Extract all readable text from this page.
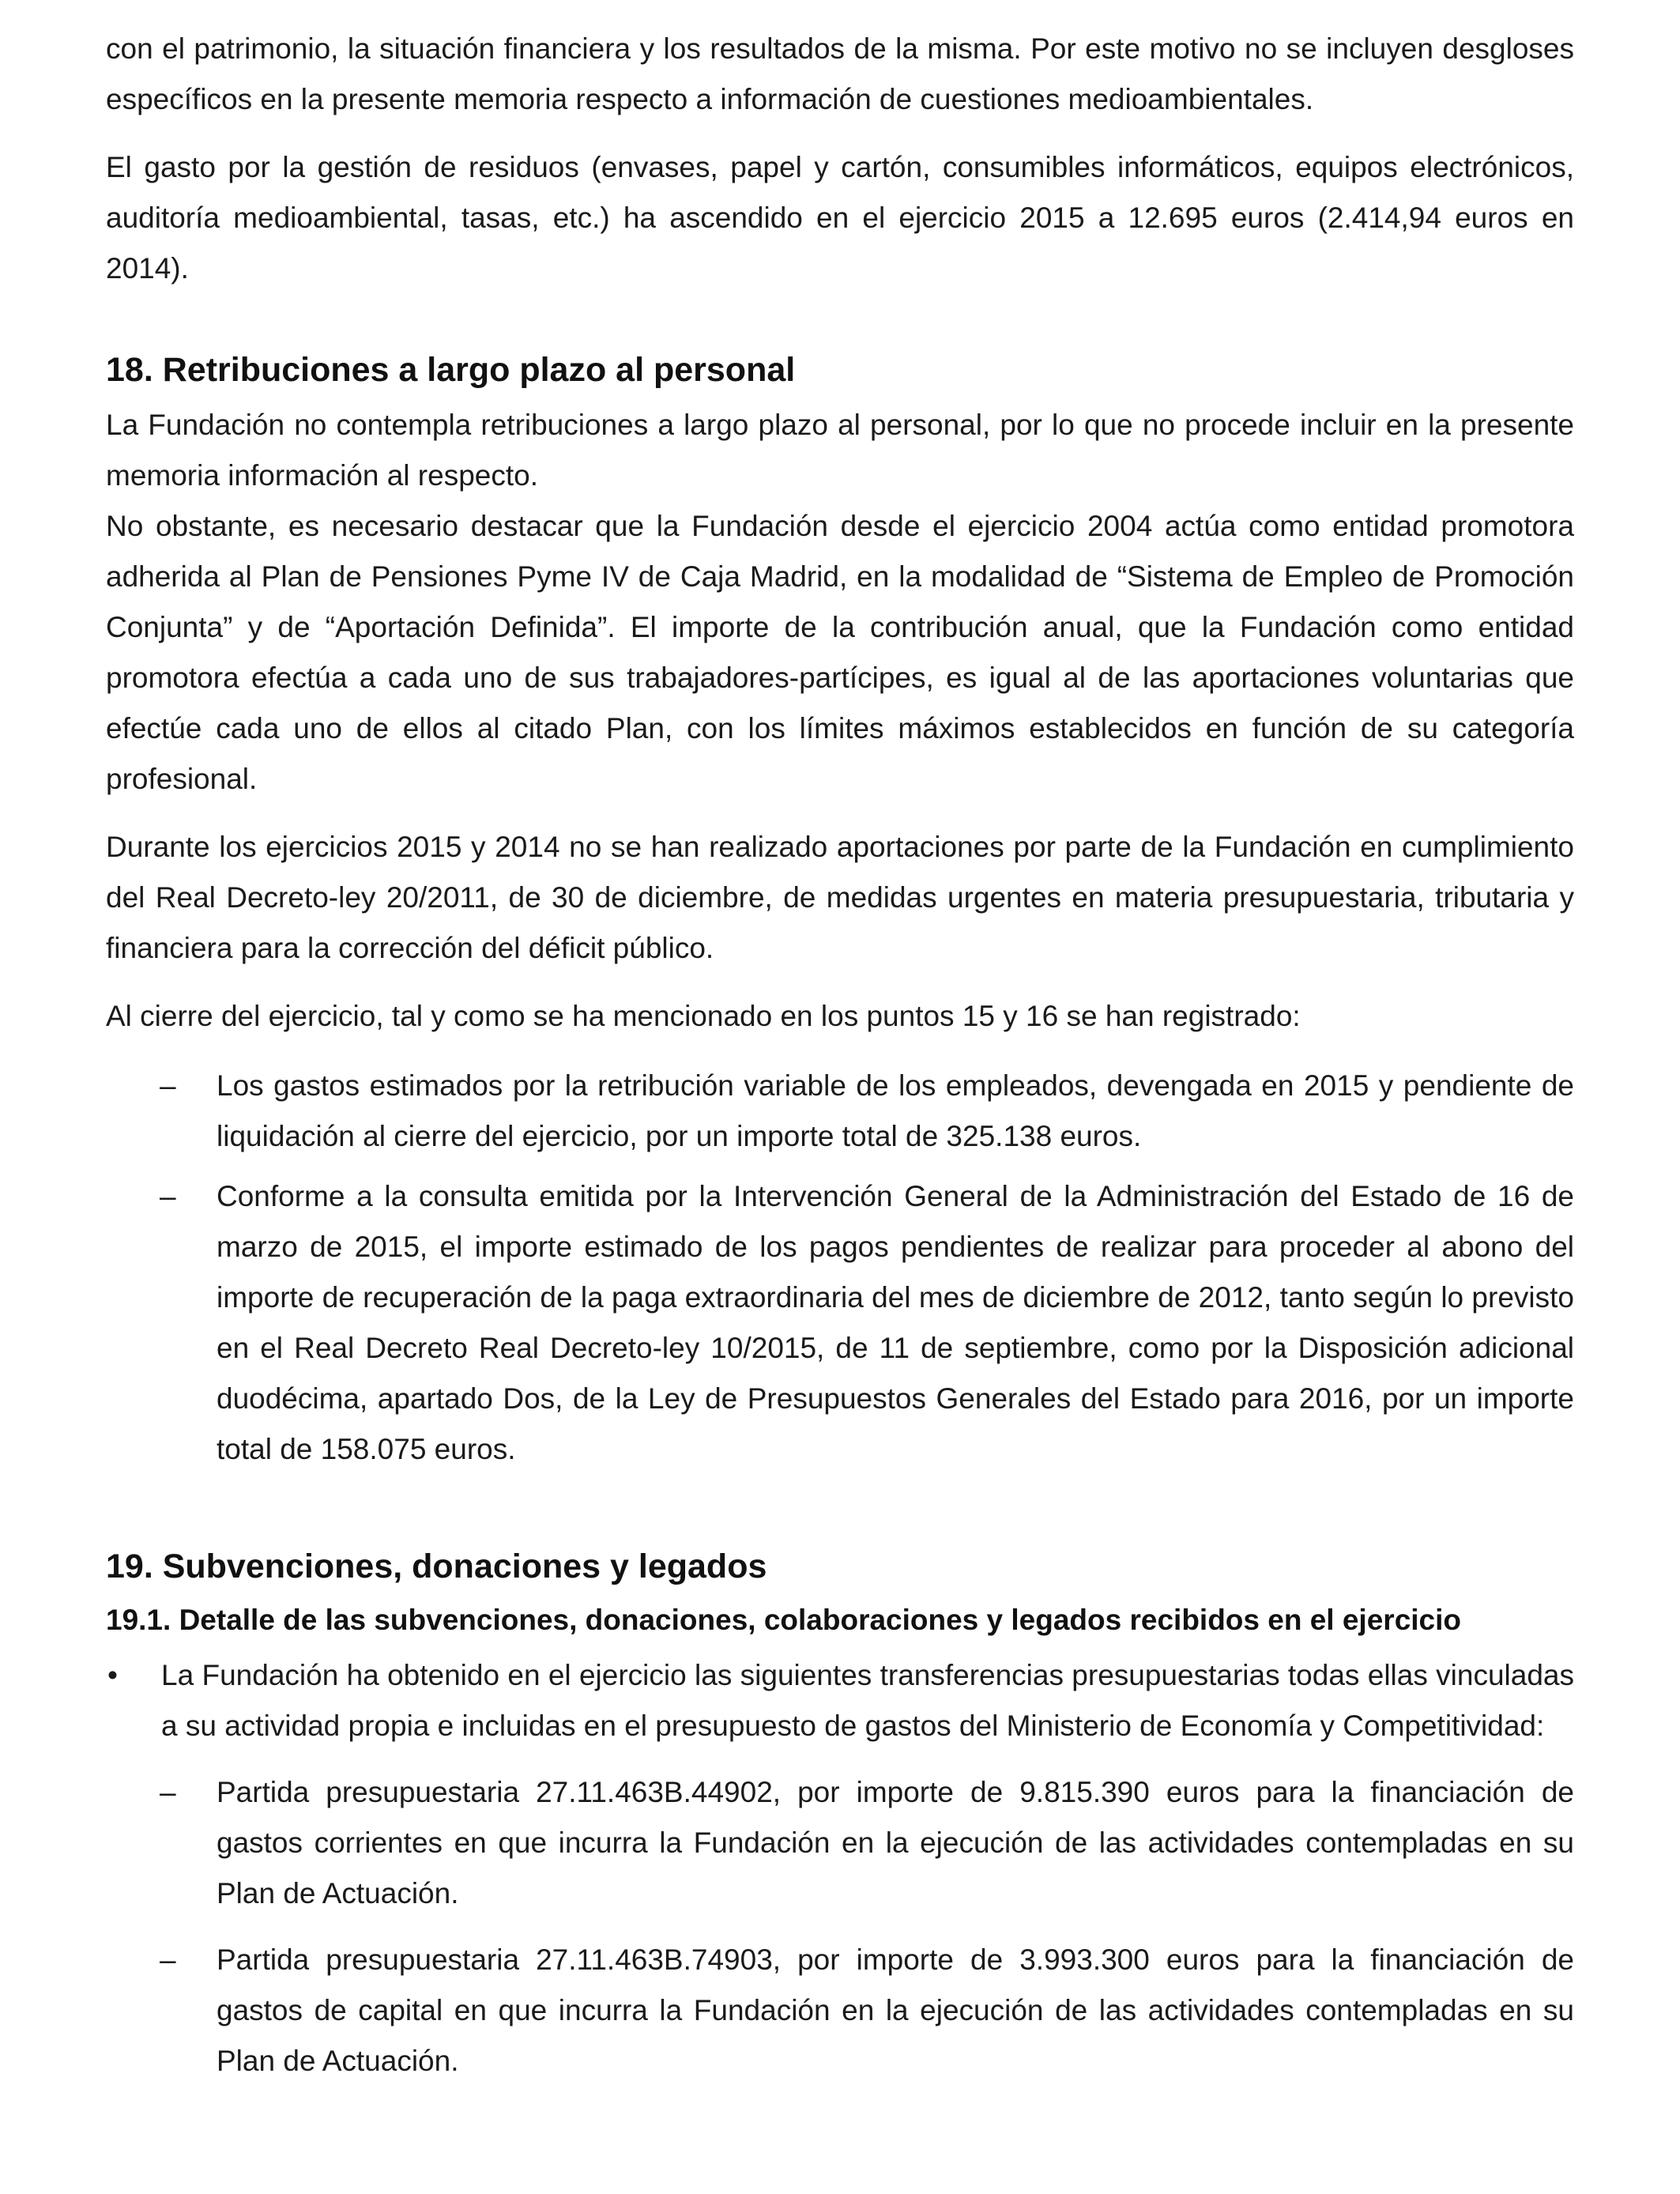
con el patrimonio, la situación financiera y los resultados de la misma. Por este motivo no se incluyen desgloses específicos en la presente memoria respecto a información de cuestiones medioambientales.

El gasto por la gestión de residuos (envases, papel y cartón, consumibles informáticos, equipos electrónicos, auditoría medioambiental, tasas, etc.) ha ascendido en el ejercicio 2015 a 12.695 euros (2.414,94 euros en 2014).

18. Retribuciones a largo plazo al personal

La Fundación no contempla retribuciones a largo plazo al personal, por lo que no procede incluir en la presente memoria información al respecto.

No obstante, es necesario destacar que la Fundación desde el ejercicio 2004 actúa como entidad promotora adherida al Plan de Pensiones Pyme IV de Caja Madrid, en la modalidad de “Sistema de Empleo de Promoción Conjunta” y de “Aportación Definida”. El importe de la contribución anual, que la Fundación como entidad promotora efectúa a cada uno de sus trabajadores-partícipes, es igual al de las aportaciones voluntarias que efectúe cada uno de ellos al citado Plan, con los límites máximos establecidos en función de su categoría profesional.

Durante los ejercicios 2015 y 2014 no se han realizado aportaciones por parte de la Fundación en cumplimiento del Real Decreto-ley 20/2011, de 30 de diciembre, de medidas urgentes en materia presupuestaria, tributaria y financiera para la corrección del déficit público.

Al cierre del ejercicio, tal y como se ha mencionado en los puntos 15 y 16 se han registrado:

– Los gastos estimados por la retribución variable de los empleados, devengada en 2015 y pendiente de liquidación al cierre del ejercicio, por un importe total de 325.138 euros.
– Conforme a la consulta emitida por la Intervención General de la Administración del Estado de 16 de marzo de 2015, el importe estimado de los pagos pendientes de realizar para proceder al abono del importe de recuperación de la paga extraordinaria del mes de diciembre de 2012, tanto según lo previsto en el Real Decreto Real Decreto-ley 10/2015, de 11 de septiembre, como por la Disposición adicional duodécima, apartado Dos, de la Ley de Presupuestos Generales del Estado para 2016, por un importe total de 158.075 euros.
19. Subvenciones, donaciones y legados
19.1. Detalle de las subvenciones, donaciones, colaboraciones y legados recibidos en el ejercicio
•	La Fundación ha obtenido en el ejercicio las siguientes transferencias presupuestarias todas ellas vinculadas a su actividad propia e incluidas en el presupuesto de gastos del Ministerio de Economía y Competitividad:
– Partida presupuestaria 27.11.463B.44902, por importe de 9.815.390 euros para la financiación de gastos corrientes en que incurra la Fundación en la ejecución de las actividades contempladas en su Plan de Actuación.
– Partida presupuestaria 27.11.463B.74903, por importe de 3.993.300 euros para la financiación de gastos de capital en que incurra la Fundación en la ejecución de las actividades contempladas en su Plan de Actuación.
